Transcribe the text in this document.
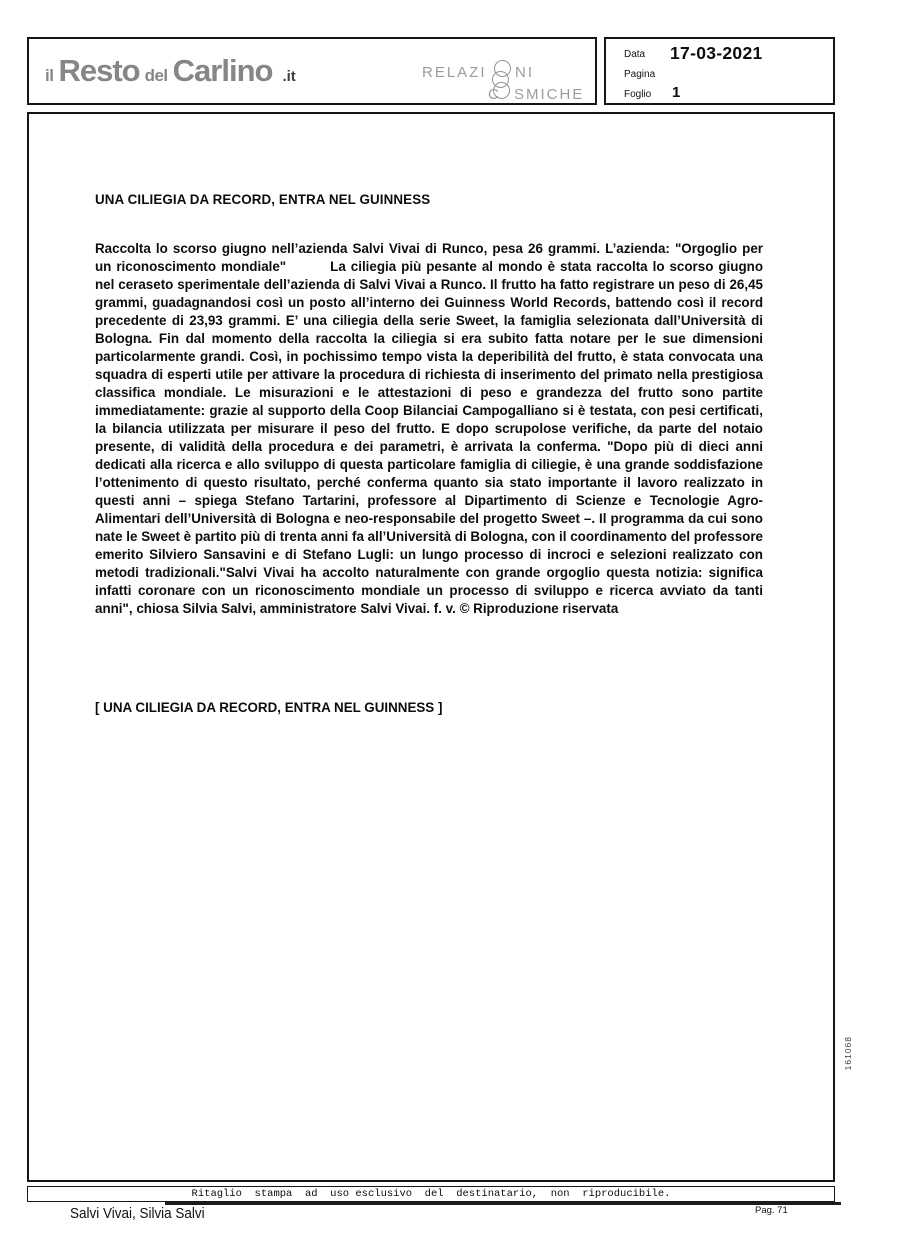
il Resto del Carlino .it	RELAZI NI
C SMICHE
Data 17-03-2021
Pagina
Foglio 1
UNA CILIEGIA DA RECORD, ENTRA NEL GUINNESS

Raccolta lo scorso giugno nell’azienda Salvi Vivai di Runco, pesa 26 grammi. L’azienda: "Orgoglio per un riconoscimento mondiale"	La ciliegia più pesante al mondo è stata raccolta lo scorso giugno nel ceraseto sperimentale dell’azienda di Salvi Vivai a Runco. Il frutto ha fatto registrare un peso di 26,45 grammi, guadagnandosi così un posto all’interno dei Guinness World Records, battendo così il record precedente di 23,93 grammi. E’ una ciliegia della serie Sweet, la famiglia selezionata dall’Università di Bologna. Fin dal momento della raccolta la ciliegia si era subito fatta notare per le sue dimensioni particolarmente grandi. Così, in pochissimo tempo vista la deperibilità del frutto, è stata convocata una squadra di esperti utile per attivare la procedura di richiesta di inserimento del primato nella prestigiosa classifica mondiale. Le misurazioni e le attestazioni di peso e grandezza del frutto sono partite immediatamente: grazie al supporto della Coop Bilanciai Campogalliano si è testata, con pesi certificati, la bilancia utilizzata per misurare il peso del frutto. E dopo scrupolose verifiche, da parte del notaio presente, di validità della procedura e dei parametri, è arrivata la conferma. "Dopo più di dieci anni dedicati alla ricerca e allo sviluppo di questa particolare famiglia di ciliegie, è una grande soddisfazione l’ottenimento di questo risultato, perché conferma quanto sia stato importante il lavoro realizzato in questi anni – spiega Stefano Tartarini, professore al Dipartimento di Scienze e Tecnologie Agro-Alimentari dell’Università di Bologna e neo-responsabile del progetto Sweet –. Il programma da cui sono nate le Sweet è partito più di trenta anni fa all’Università di Bologna, con il coordinamento del professore emerito Silviero Sansavini e di Stefano Lugli: un lungo processo di incroci e selezioni realizzato con metodi tradizionali."Salvi Vivai ha accolto naturalmente con grande orgoglio questa notizia: significa infatti coronare con un riconoscimento mondiale un processo di sviluppo e ricerca avviato da tanti anni", chiosa Silvia Salvi, amministratore Salvi Vivai. f. v. © Riproduzione riservata

[ UNA CILIEGIA DA RECORD, ENTRA NEL GUINNESS ]
161068
Ritaglio  stampa  ad  uso esclusivo  del  destinatario,  non  riproducibile.
Salvi Vivai, Silvia Salvi	Pag. 71
